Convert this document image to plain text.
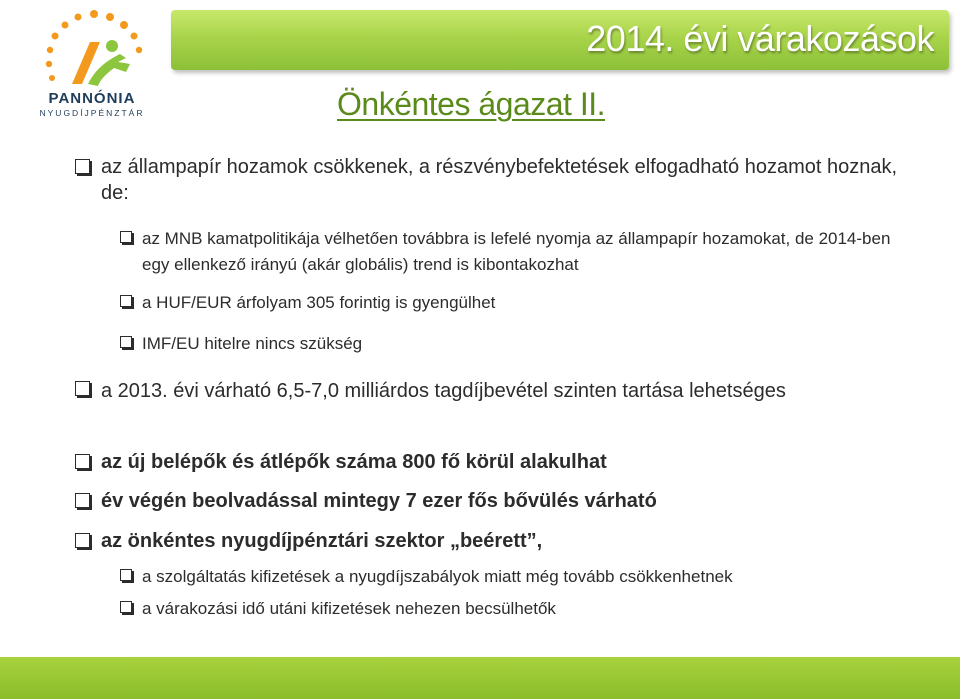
PANNÓNIA
NYUGDÍJPÉNZTÁR
2014. évi várakozások
Önkéntes ágazat II.
az állampapír hozamok csökkenek, a részvénybefektetések elfogadható hozamot hoznak, de:
az MNB kamatpolitikája vélhetően továbbra is lefelé nyomja az állampapír hozamokat, de 2014-ben egy ellenkező irányú (akár globális) trend is kibontakozhat
a HUF/EUR árfolyam 305 forintig is gyengülhet
IMF/EU hitelre nincs szükség
a 2013. évi várható 6,5-7,0 milliárdos tagdíjbevétel szinten tartása lehetséges
az új belépők és átlépők száma 800 fő körül alakulhat
év végén beolvadással mintegy 7 ezer fős bővülés várható
az önkéntes nyugdíjpénztári szektor „beérett”,
a szolgáltatás kifizetések a nyugdíjszabályok miatt még tovább csökkenhetnek
a várakozási idő utáni kifizetések nehezen becsülhetők
